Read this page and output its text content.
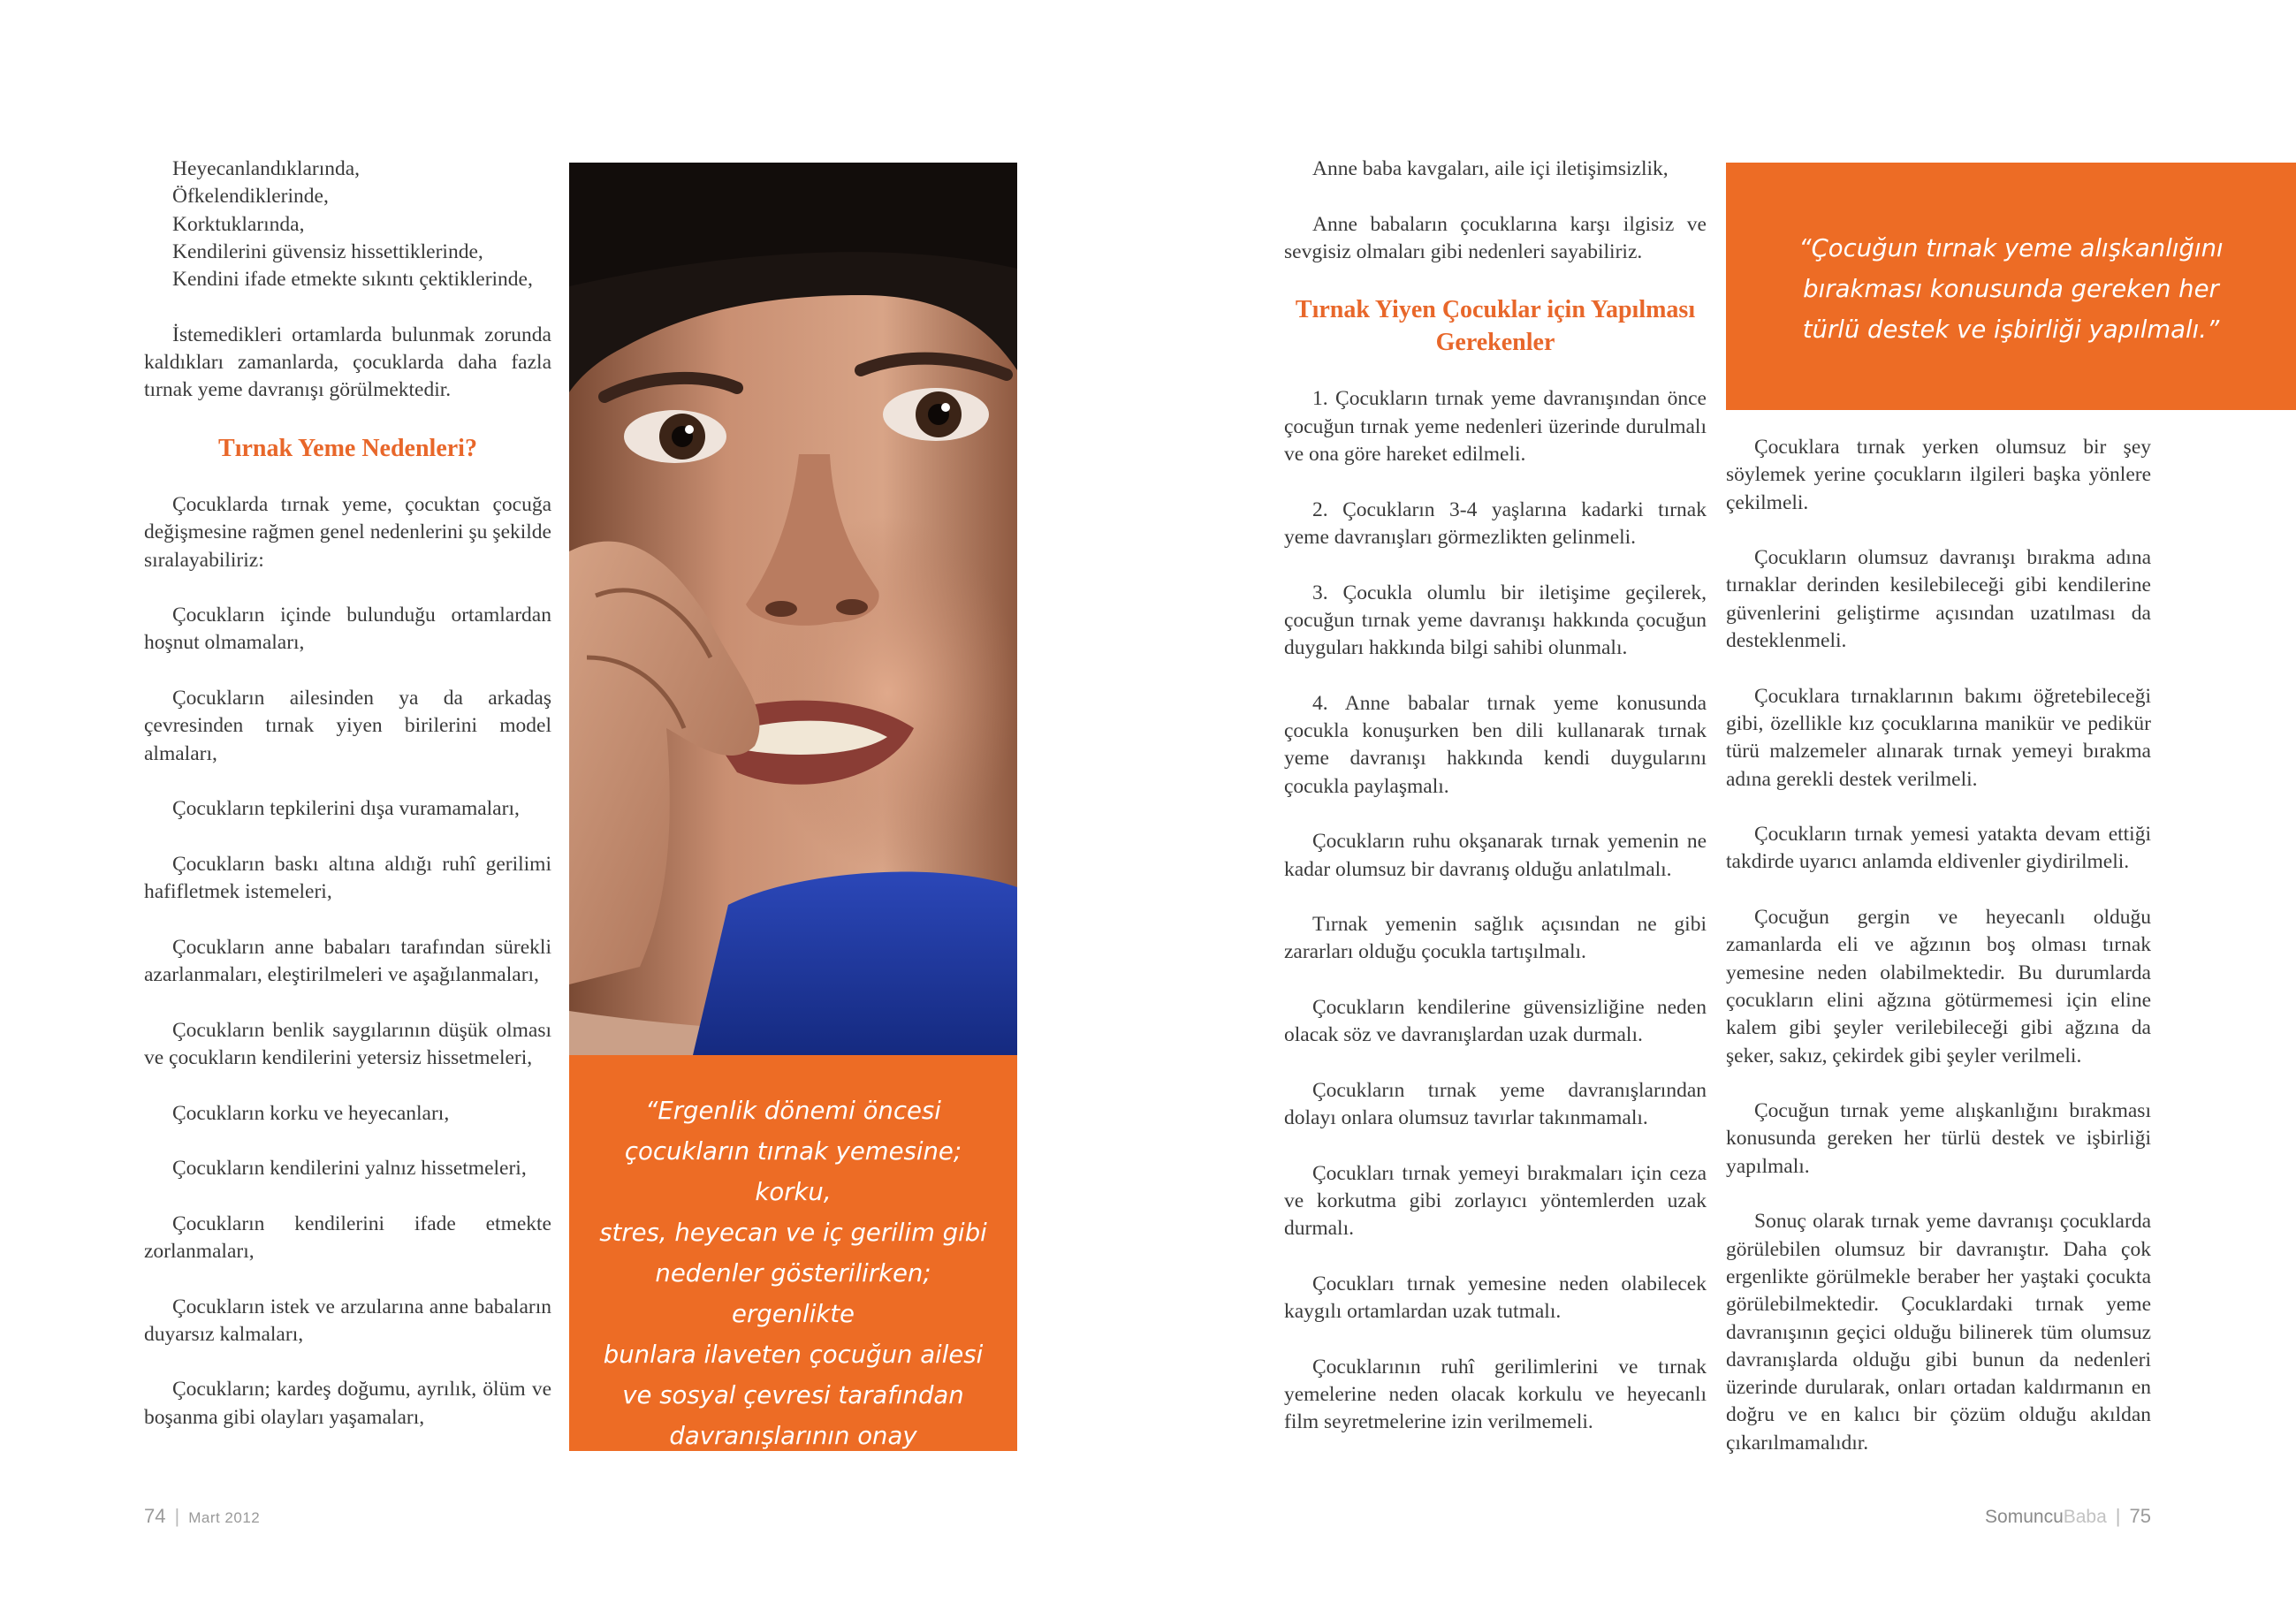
Heyecanlandıklarında,

Öfkelendiklerinde,

Korktuklarında,

Kendilerini güvensiz hissettiklerinde,

Kendini ifade etmekte sıkıntı çektiklerinde,

İstemedikleri ortamlarda bulunmak zorunda kaldıkları zamanlarda, çocuklarda daha fazla tırnak yeme davranışı görülmektedir.

Tırnak Yeme Nedenleri?

Çocuklarda tırnak yeme, çocuktan çocuğa değişmesine rağmen genel nedenlerini şu şekilde sıralayabiliriz:

Çocukların içinde bulunduğu ortamlardan hoşnut olmamaları,

Çocukların ailesinden ya da arkadaş çevresinden tırnak yiyen birilerini model almaları,

Çocukların tepkilerini dışa vuramamaları,

Çocukların baskı altına aldığı ruhî gerilimi hafifletmek istemeleri,

Çocukların anne babaları tarafından sürekli azarlanmaları, eleştirilmeleri ve aşağılanmaları,

Çocukların benlik saygılarının düşük olması ve çocukların kendilerini yetersiz hissetmeleri,

Çocukların korku ve heyecanları,

Çocukların kendilerini yalnız hissetmeleri,

Çocukların kendilerini ifade etmekte zorlanmaları,

Çocukların istek ve arzularına anne babaların duyarsız kalmaları,

Çocukların; kardeş doğumu, ayrılık, ölüm ve boşanma gibi olayları yaşamaları,

“Ergenlik dönemi öncesi
çocukların tırnak yemesine; korku,
stres, heyecan ve iç gerilim gibi
nedenler gösterilirken; ergenlikte
bunlara ilaveten çocuğun ailesi
ve sosyal çevresi tarafından
davranışlarının onay görmemesine
de bağlanmaktadır.”
74 | Mart 2012

Anne baba kavgaları, aile içi iletişimsizlik,

Anne babaların çocuklarına karşı ilgisiz ve sevgisiz olmaları gibi nedenleri sayabiliriz.

Tırnak Yiyen Çocuklar için Yapılması Gerekenler

1. Çocukların tırnak yeme davranışından önce çocuğun tırnak yeme nedenleri üzerinde durulmalı ve ona göre hareket edilmeli.

2. Çocukların 3-4 yaşlarına kadarki tırnak yeme davranışları görmezlikten gelinmeli.

3. Çocukla olumlu bir iletişime geçilerek, çocuğun tırnak yeme davranışı hakkında çocuğun duyguları hakkında bilgi sahibi olunmalı.

4. Anne babalar tırnak yeme konusunda çocukla konuşurken ben dili kullanarak tırnak yeme davranışı hakkında kendi duygularını çocukla paylaşmalı.

Çocukların ruhu okşanarak tırnak yemenin ne kadar olumsuz bir davranış olduğu anlatılmalı.

Tırnak yemenin sağlık açısından ne gibi zararları olduğu çocukla tartışılmalı.

Çocukların kendilerine güvensizliğine neden olacak söz ve davranışlardan uzak durmalı.

Çocukların tırnak yeme davranışlarından dolayı onlara olumsuz tavırlar takınmamalı.

Çocukları tırnak yemeyi bırakmaları için ceza ve korkutma gibi zorlayıcı yöntemlerden uzak durmalı.

Çocukları tırnak yemesine neden olabilecek kaygılı ortamlardan uzak tutmalı.

Çocuklarının ruhî gerilimlerini ve tırnak yemelerine neden olacak korkulu ve heyecanlı film seyretmelerine izin verilmemeli.

“Çocuğun tırnak yeme alışkanlığını
bırakması konusunda gereken her
türlü destek ve işbirliği yapılmalı.”

Çocuklara tırnak yerken olumsuz bir şey söylemek yerine çocukların ilgileri başka yönlere çekilmeli.

Çocukların olumsuz davranışı bırakma adına tırnaklar derinden kesilebileceği gibi kendilerine güvenlerini geliştirme açısından uzatılması da desteklenmeli.

Çocuklara tırnaklarının bakımı öğretebileceği gibi, özellikle kız çocuklarına manikür ve pedikür türü malzemeler alınarak tırnak yemeyi bırakma adına gerekli destek verilmeli.

Çocukların tırnak yemesi yatakta devam ettiği takdirde uyarıcı anlamda eldivenler giydirilmeli.

Çocuğun gergin ve heyecanlı olduğu zamanlarda eli ve ağzının boş olması tırnak yemesine neden olabilmektedir. Bu durumlarda çocukların elini ağzına götürmemesi için eline kalem gibi şeyler verilebileceği gibi ağzına da şeker, sakız, çekirdek gibi şeyler verilmeli.

Çocuğun tırnak yeme alışkanlığını bırakması konusunda gereken her türlü destek ve işbirliği yapılmalı.

Sonuç olarak tırnak yeme davranışı çocuklarda görülebilen olumsuz bir davranıştır. Daha çok ergenlikte görülmekle beraber her yaştaki çocukta görülebilmektedir. Çocuklardaki tırnak yeme davranışının geçici olduğu bilinerek tüm olumsuz davranışlarda olduğu gibi bunun da nedenleri üzerinde durularak, onları ortadan kaldırmanın en doğru ve en kalıcı bir çözüm olduğu akıldan çıkarılmamalıdır.

SomuncuBaba | 75
